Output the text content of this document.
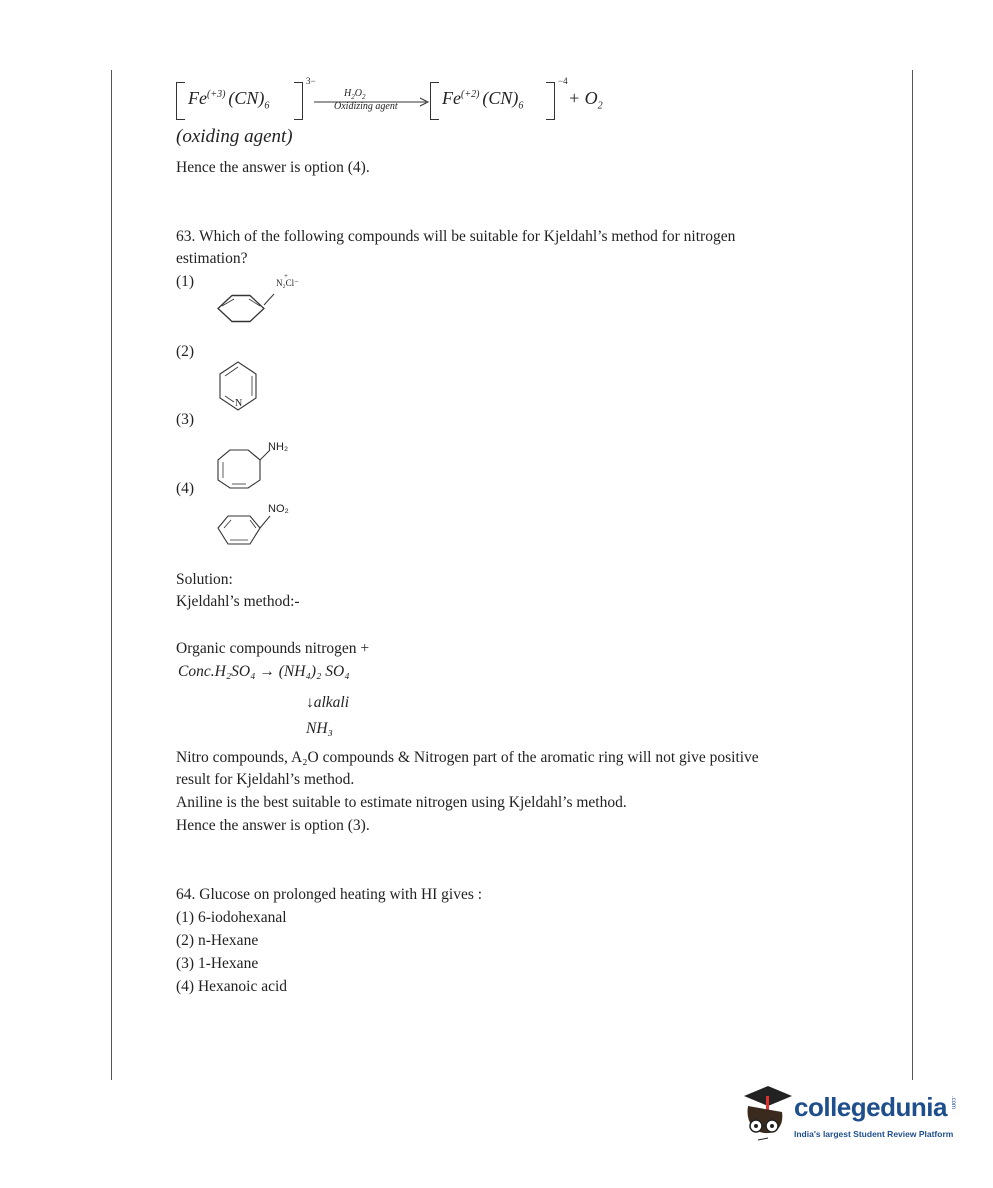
$Fe^{(+3)}$ $(CN)_6$
3−
$H_2O_2$
Oxidizing agent $Fe^{(+2)}$ $(CN)_6$
−4
+ $O_2$
(oxiding agent)
Hence the answer is option (4).
63. Which of the following compounds will be suitable for Kjeldahl’s method for nitrogen
estimation?
(1)	N₂Cl⁻
+
(2)
N
(3)
NH₂
(4)
NO₂
Solution:
Kjeldahl’s method:-
Organic compounds nitrogen +
Conc.H₂SO₄ → (NH₄)₂ SO₄
↓alkali
NH₃
Nitro compounds, A₂O compounds & Nitrogen part of the aromatic ring will not give positive
result for Kjeldahl’s method.
Aniline is the best suitable to estimate nitrogen using Kjeldahl’s method.
Hence the answer is option (3).
64. Glucose on prolonged heating with HI gives :
(1) 6-iodohexanal
(2) n-Hexane
(3) 1-Hexane
(4) Hexanoic acid
collegedunia .com
India's largest Student Review Platform
